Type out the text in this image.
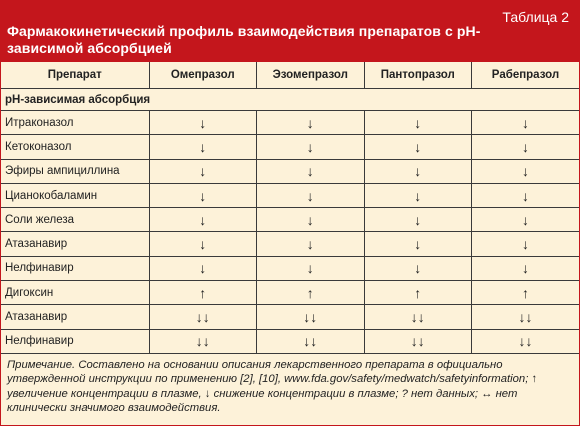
Таблица 2
Фармакокинетический профиль взаимодействия препаратов с рН-зависимой абсорбцией
Препарат	Омепразол	Эзомепразол	Пантопразол	Рабепразол
рН-зависимая абсорбция				
Итраконазол	↓	↓	↓	↓
Кетоконазол	↓	↓	↓	↓
Эфиры ампициллина	↓	↓	↓	↓
Цианокобаламин	↓	↓	↓	↓
Соли железа	↓	↓	↓	↓
Атазанавир	↓	↓	↓	↓
Нелфинавир	↓	↓	↓	↓
Дигоксин	↑	↑	↑	↑
Атазанавир	↓↓	↓↓	↓↓	↓↓
Нелфинавир	↓↓	↓↓	↓↓	↓↓
Примечание. Составлено на основании описания лекарственного препарата в официально утвержденной инструкции по применению [2], [10], www.fda.gov/safety/medwatch/safetyinformation; ↑ увеличение концентрации в плазме, ↓ снижение концентрации в плазме; ? нет данных; ↔ нет клинически значимого взаимодействия.
